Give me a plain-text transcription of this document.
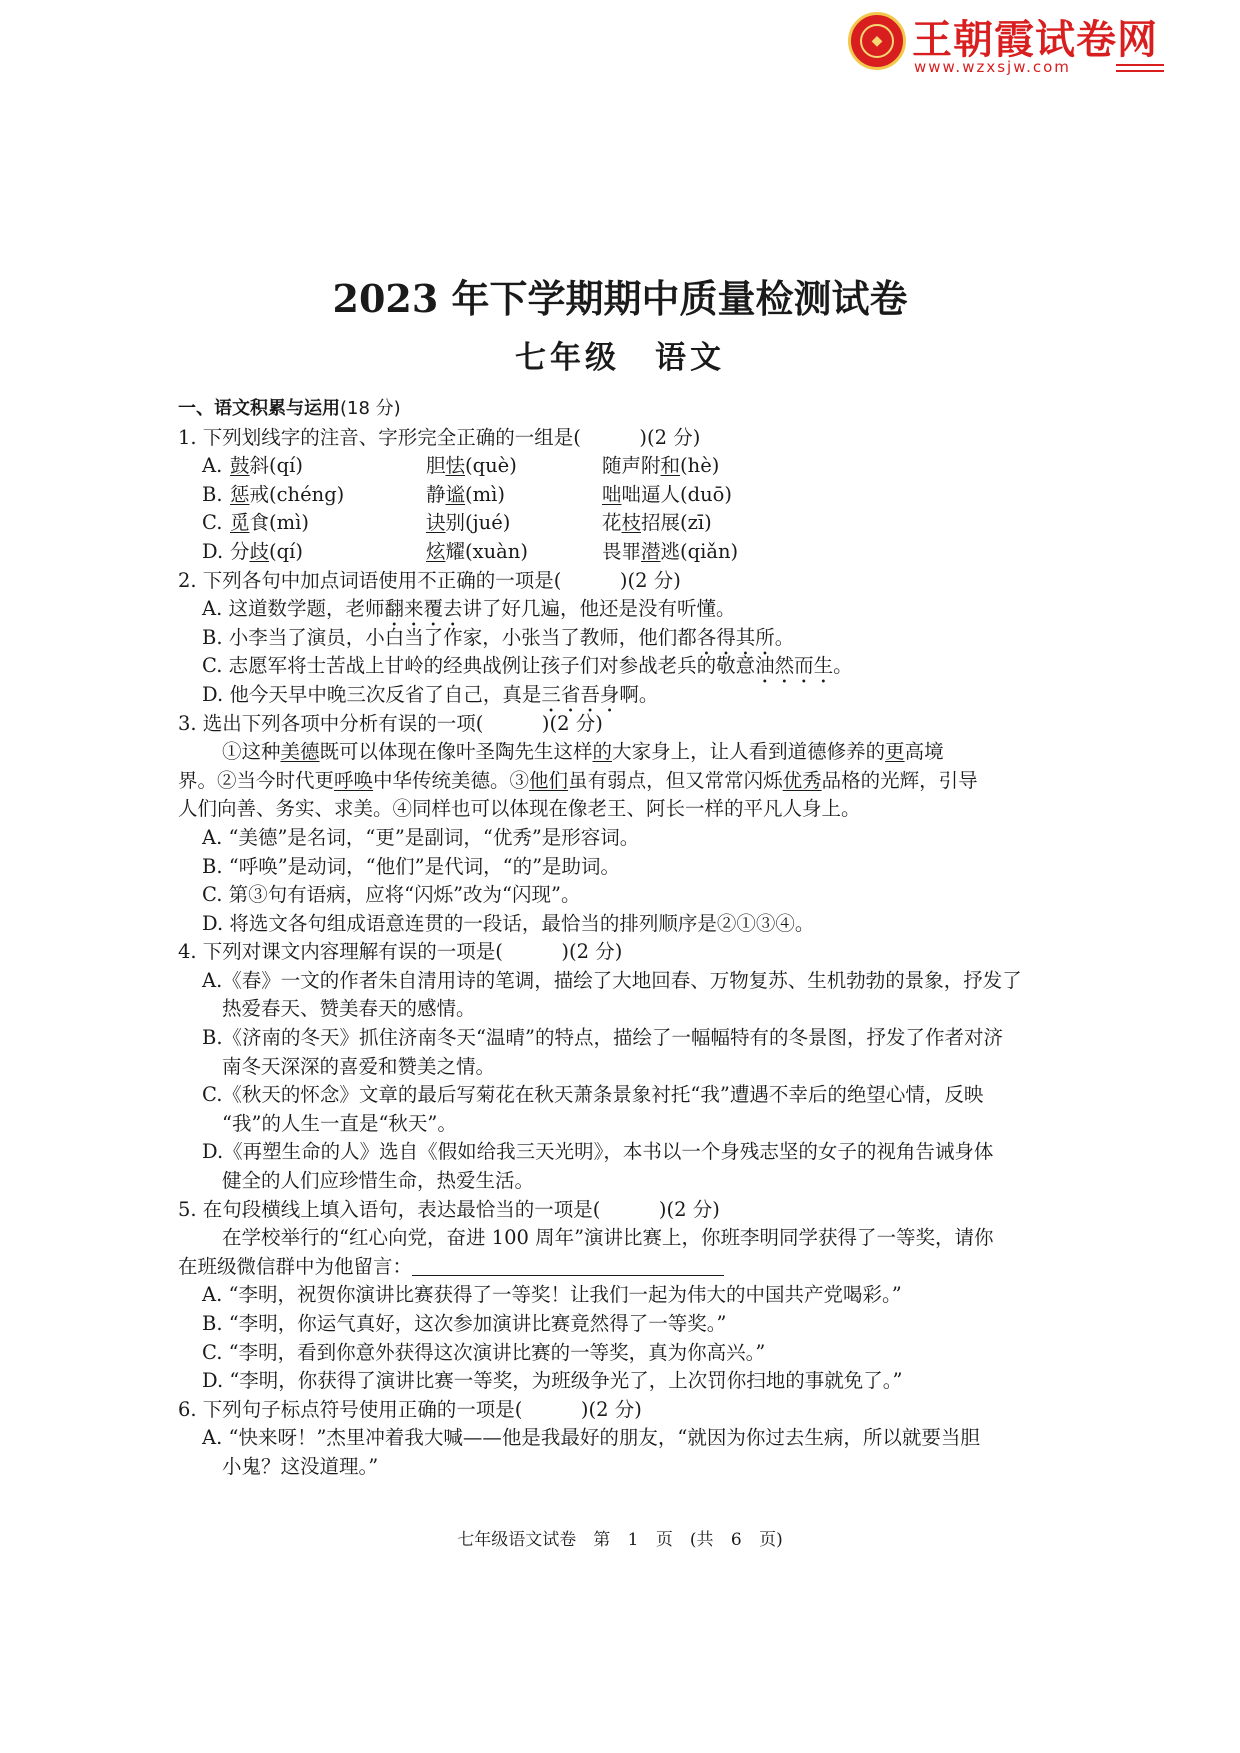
◆ 王朝霞试卷网
www.wzxsjw.com
2023 年下学期期中质量检测试卷
七年级　语文
一、语文积累与运用(18 分)
1. 下列划线字的注音、字形完全正确的一组是(　　　)(2 分)
A.鼓斜(qí)	胆怯(què)	随声附和(hè)
B.惩戒(chéng)	静谧(mì)	咄咄逼人(duō)
C.觅食(mì)	诀别(jué)	花枝招展(zī)
D.分歧(qí)	炫耀(xuàn)	畏罪潜逃(qiǎn)
2. 下列各句中加点词语使用不正确的一项是(　　　)(2 分)
A. 这道数学题，老师翻来覆去讲了好几遍，他还是没有听懂。
B. 小李当了演员，小白当了作家，小张当了教师，他们都各得其所。
C. 志愿军将士苦战上甘岭的经典战例让孩子们对参战老兵的敬意油然而生。
D. 他今天早中晚三次反省了自己，真是三省吾身啊。
3. 选出下列各项中分析有误的一项(　　　)(2 分)
①这种美德既可以体现在像叶圣陶先生这样的大家身上，让人看到道德修养的更高境
界。②当今时代更呼唤中华传统美德。③他们虽有弱点，但又常常闪烁优秀品格的光辉，引导
人们向善、务实、求美。④同样也可以体现在像老王、阿长一样的平凡人身上。
A. “美德”是名词，“更”是副词，“优秀”是形容词。
B. “呼唤”是动词，“他们”是代词，“的”是助词。
C. 第③句有语病，应将“闪烁”改为“闪现”。
D. 将选文各句组成语意连贯的一段话，最恰当的排列顺序是②①③④。
4. 下列对课文内容理解有误的一项是(　　　)(2 分)
A.《春》一文的作者朱自清用诗的笔调，描绘了大地回春、万物复苏、生机勃勃的景象，抒发了
热爱春天、赞美春天的感情。
B.《济南的冬天》抓住济南冬天“温晴”的特点，描绘了一幅幅特有的冬景图，抒发了作者对济
南冬天深深的喜爱和赞美之情。
C.《秋天的怀念》文章的最后写菊花在秋天萧条景象衬托“我”遭遇不幸后的绝望心情，反映
“我”的人生一直是“秋天”。
D.《再塑生命的人》选自《假如给我三天光明》，本书以一个身残志坚的女子的视角告诫身体
健全的人们应珍惜生命，热爱生活。
5. 在句段横线上填入语句，表达最恰当的一项是(　　　)(2 分)
在学校举行的“红心向党，奋进 100 周年”演讲比赛上，你班李明同学获得了一等奖，请你
在班级微信群中为他留言：
A. “李明，祝贺你演讲比赛获得了一等奖！让我们一起为伟大的中国共产党喝彩。”
B. “李明，你运气真好，这次参加演讲比赛竟然得了一等奖。”
C. “李明，看到你意外获得这次演讲比赛的一等奖，真为你高兴。”
D. “李明，你获得了演讲比赛一等奖，为班级争光了，上次罚你扫地的事就免了。”
6. 下列句子标点符号使用正确的一项是(　　　)(2 分)
A. “快来呀！”杰里冲着我大喊——他是我最好的朋友，“就因为你过去生病，所以就要当胆
小鬼？这没道理。”
七年级语文试卷　第 1 页　(共 6 页)
